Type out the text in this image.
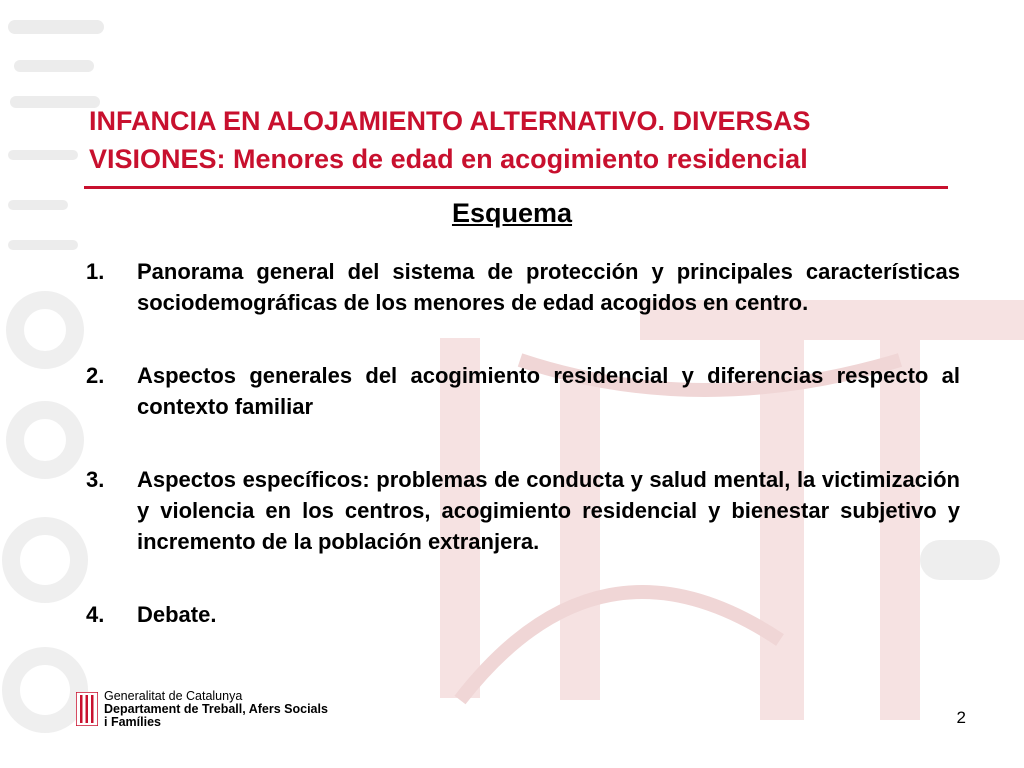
INFANCIA EN ALOJAMIENTO ALTERNATIVO. DIVERSAS
VISIONES: Menores de edad en acogimiento residencial
Esquema
1. Panorama general del sistema de protección y principales características sociodemográficas de los menores de edad acogidos en centro.
2. Aspectos generales del acogimiento residencial y diferencias respecto al contexto familiar
3. Aspectos específicos: problemas de conducta y salud mental, la victimización y violencia en los centros, acogimiento residencial y bienestar subjetivo y incremento de la población extranjera.
4. Debate.
Generalitat de Catalunya
Departament de Treball, Afers Socials
i Famílies	2
